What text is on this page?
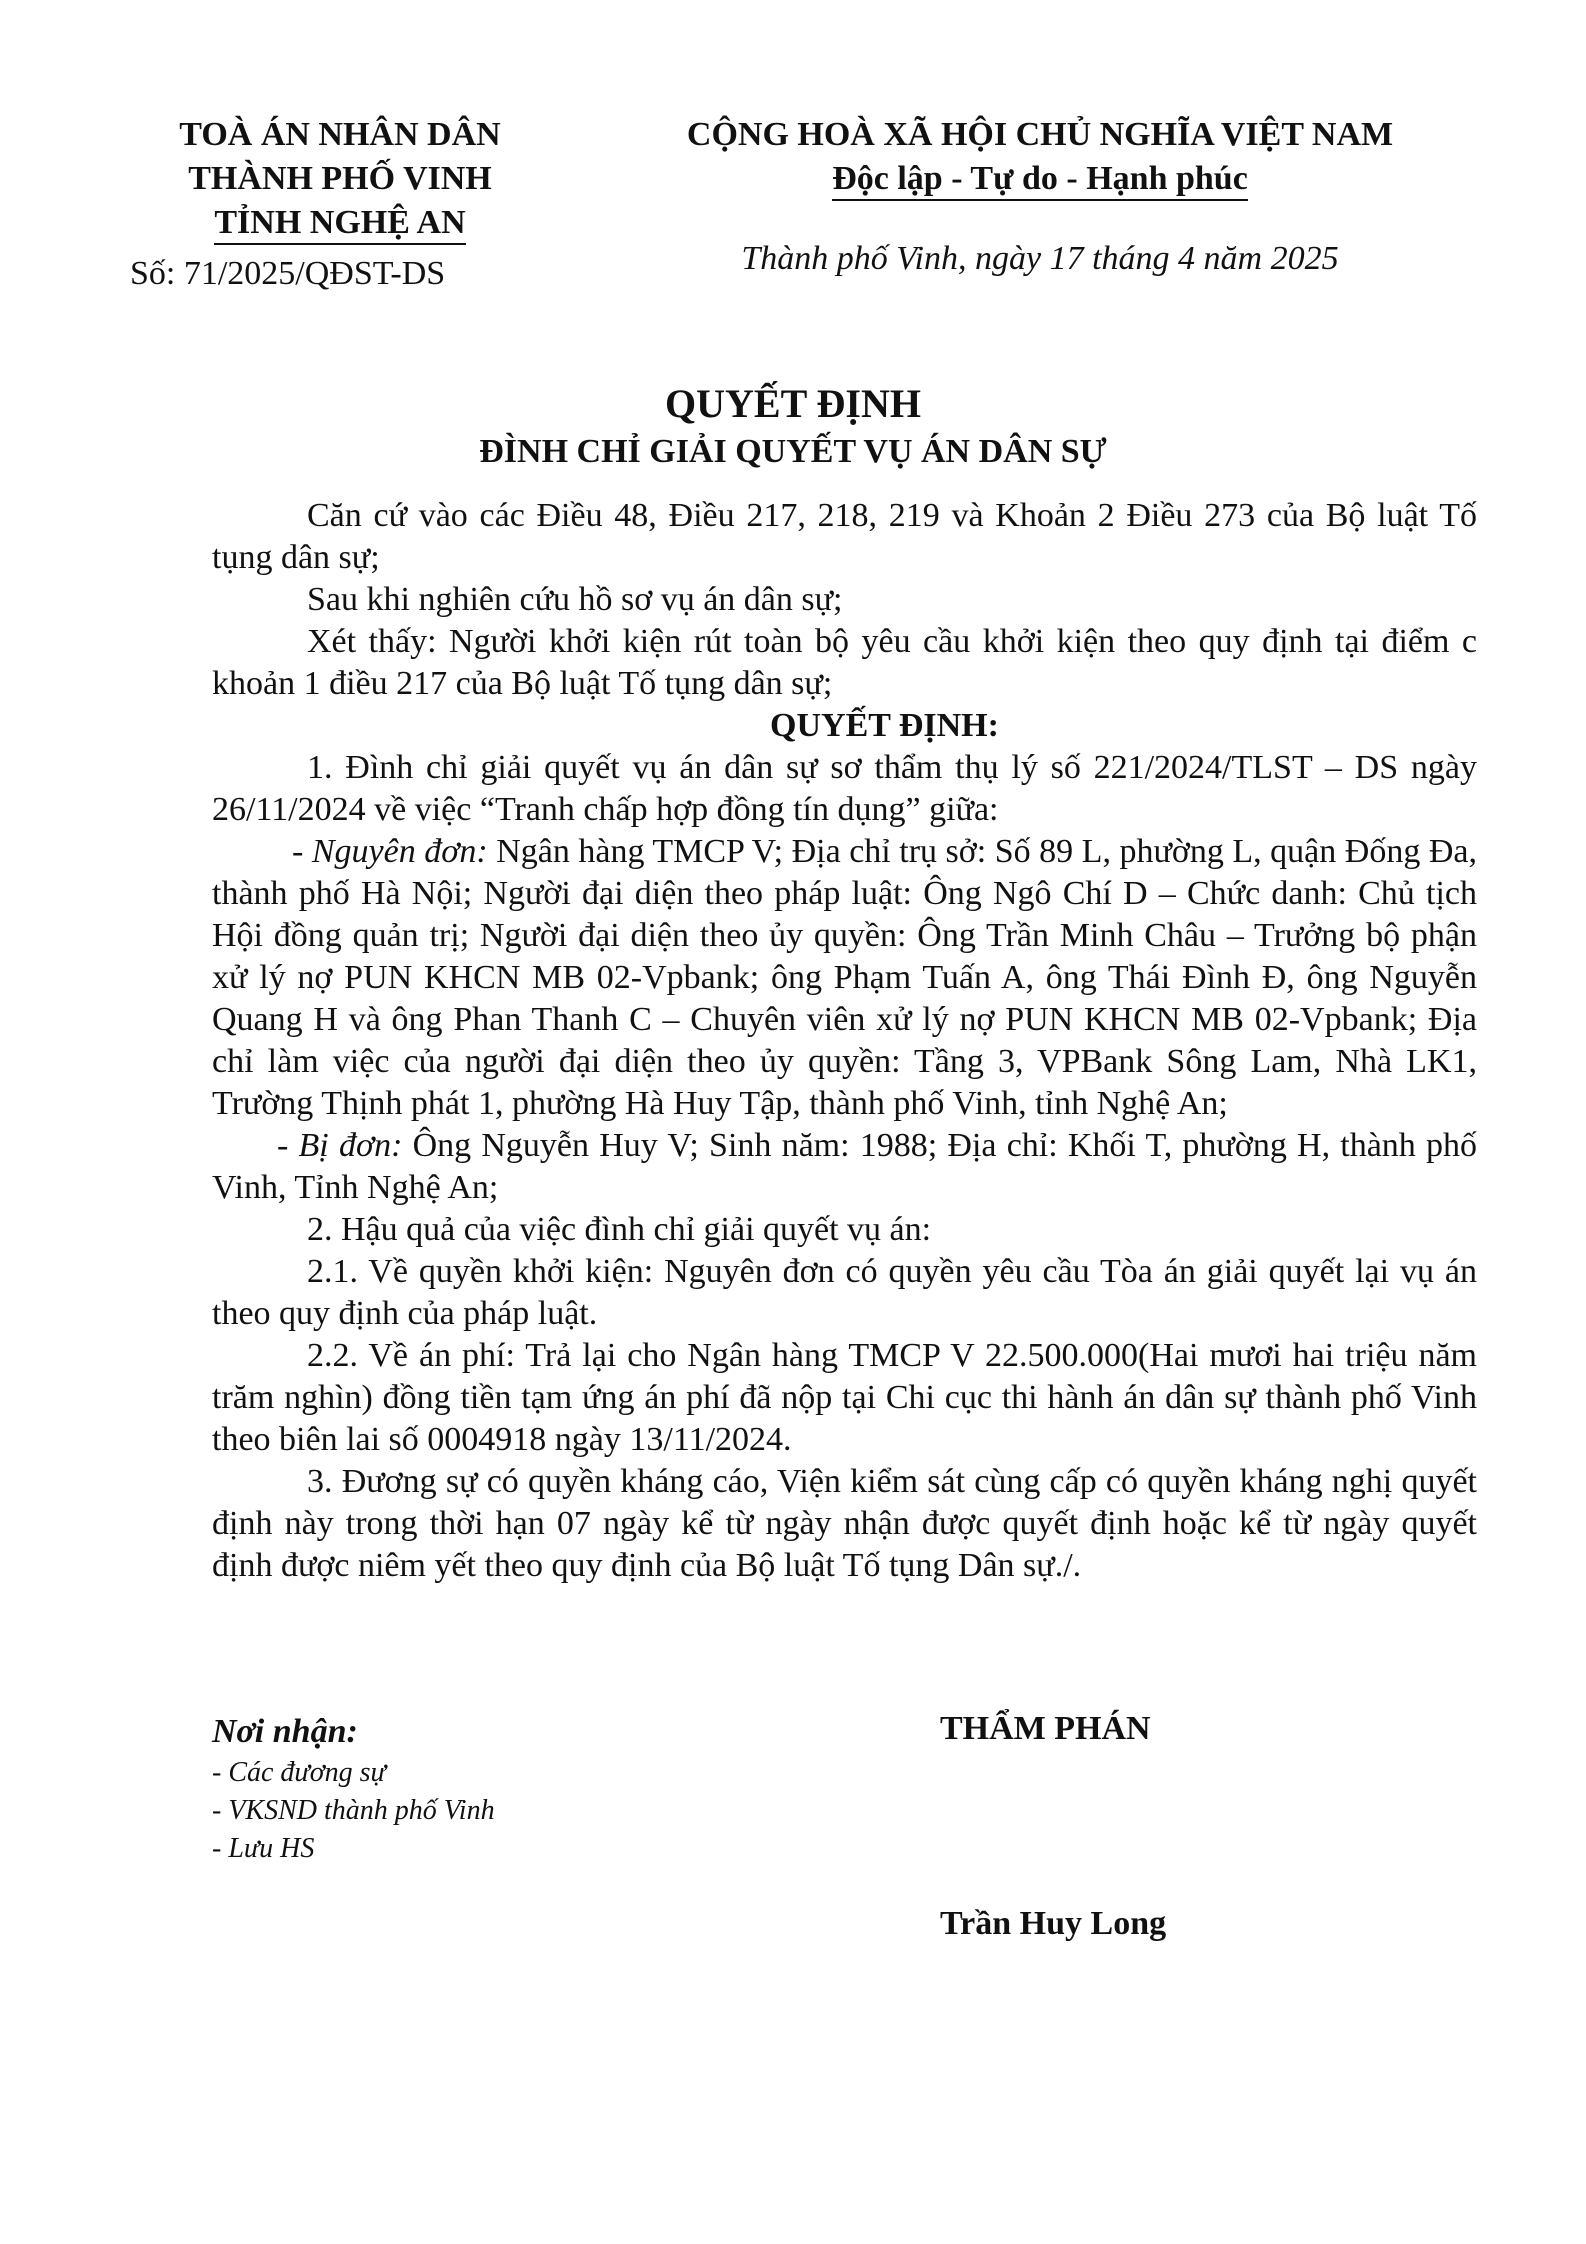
TOÀ ÁN NHÂN DÂN
THÀNH PHỐ VINH
TỈNH NGHỆ AN
Số: 71/2025/QĐST-DS
CỘNG HOÀ XÃ HỘI CHỦ NGHĨA VIỆT NAM
Độc lập - Tự do - Hạnh phúc
Thành phố Vinh, ngày 17 tháng 4 năm 2025
QUYẾT ĐỊNH
ĐÌNH CHỈ GIẢI QUYẾT VỤ ÁN DÂN SỰ

Căn cứ vào các Điều 48, Điều 217, 218, 219 và Khoản 2 Điều 273 của Bộ luật Tố tụng dân sự;

Sau khi nghiên cứu hồ sơ vụ án dân sự;

Xét thấy: Người khởi kiện rút toàn bộ yêu cầu khởi kiện theo quy định tại điểm c khoản 1 điều 217 của Bộ luật Tố tụng dân sự;

QUYẾT ĐỊNH:

1. Đình chỉ giải quyết vụ án dân sự sơ thẩm thụ lý số 221/2024/TLST – DS ngày 26/11/2024 về việc “Tranh chấp hợp đồng tín dụng” giữa:

- Nguyên đơn: Ngân hàng TMCP V; Địa chỉ trụ sở: Số 89 L, phường L, quận Đống Đa, thành phố Hà Nội; Người đại diện theo pháp luật: Ông Ngô Chí D – Chức danh: Chủ tịch Hội đồng quản trị; Người đại diện theo ủy quyền: Ông Trần Minh Châu – Trưởng bộ phận xử lý nợ PUN KHCN MB 02-Vpbank; ông Phạm Tuấn A, ông Thái Đình Đ, ông Nguyễn Quang H và ông Phan Thanh C – Chuyên viên xử lý nợ PUN KHCN MB 02-Vpbank; Địa chỉ làm việc của người đại diện theo ủy quyền: Tầng 3, VPBank Sông Lam, Nhà LK1, Trường Thịnh phát 1, phường Hà Huy Tập, thành phố Vinh, tỉnh Nghệ An;

- Bị đơn: Ông Nguyễn Huy V; Sinh năm: 1988; Địa chỉ: Khối T, phường H, thành phố Vinh, Tỉnh Nghệ An;

2. Hậu quả của việc đình chỉ giải quyết vụ án:

2.1. Về quyền khởi kiện: Nguyên đơn có quyền yêu cầu Tòa án giải quyết lại vụ án theo quy định của pháp luật.

2.2. Về án phí: Trả lại cho Ngân hàng TMCP V 22.500.000(Hai mươi hai triệu năm trăm nghìn) đồng tiền tạm ứng án phí đã nộp tại Chi cục thi hành án dân sự thành phố Vinh theo biên lai số 0004918 ngày 13/11/2024.

3. Đương sự có quyền kháng cáo, Viện kiểm sát cùng cấp có quyền kháng nghị quyết định này trong thời hạn 07 ngày kể từ ngày nhận được quyết định hoặc kể từ ngày quyết định được niêm yết theo quy định của Bộ luật Tố tụng Dân sự./.

Nơi nhận:
- Các đương sự
- VKSND thành phố Vinh
- Lưu HS
THẨM PHÁN
Trần Huy Long
